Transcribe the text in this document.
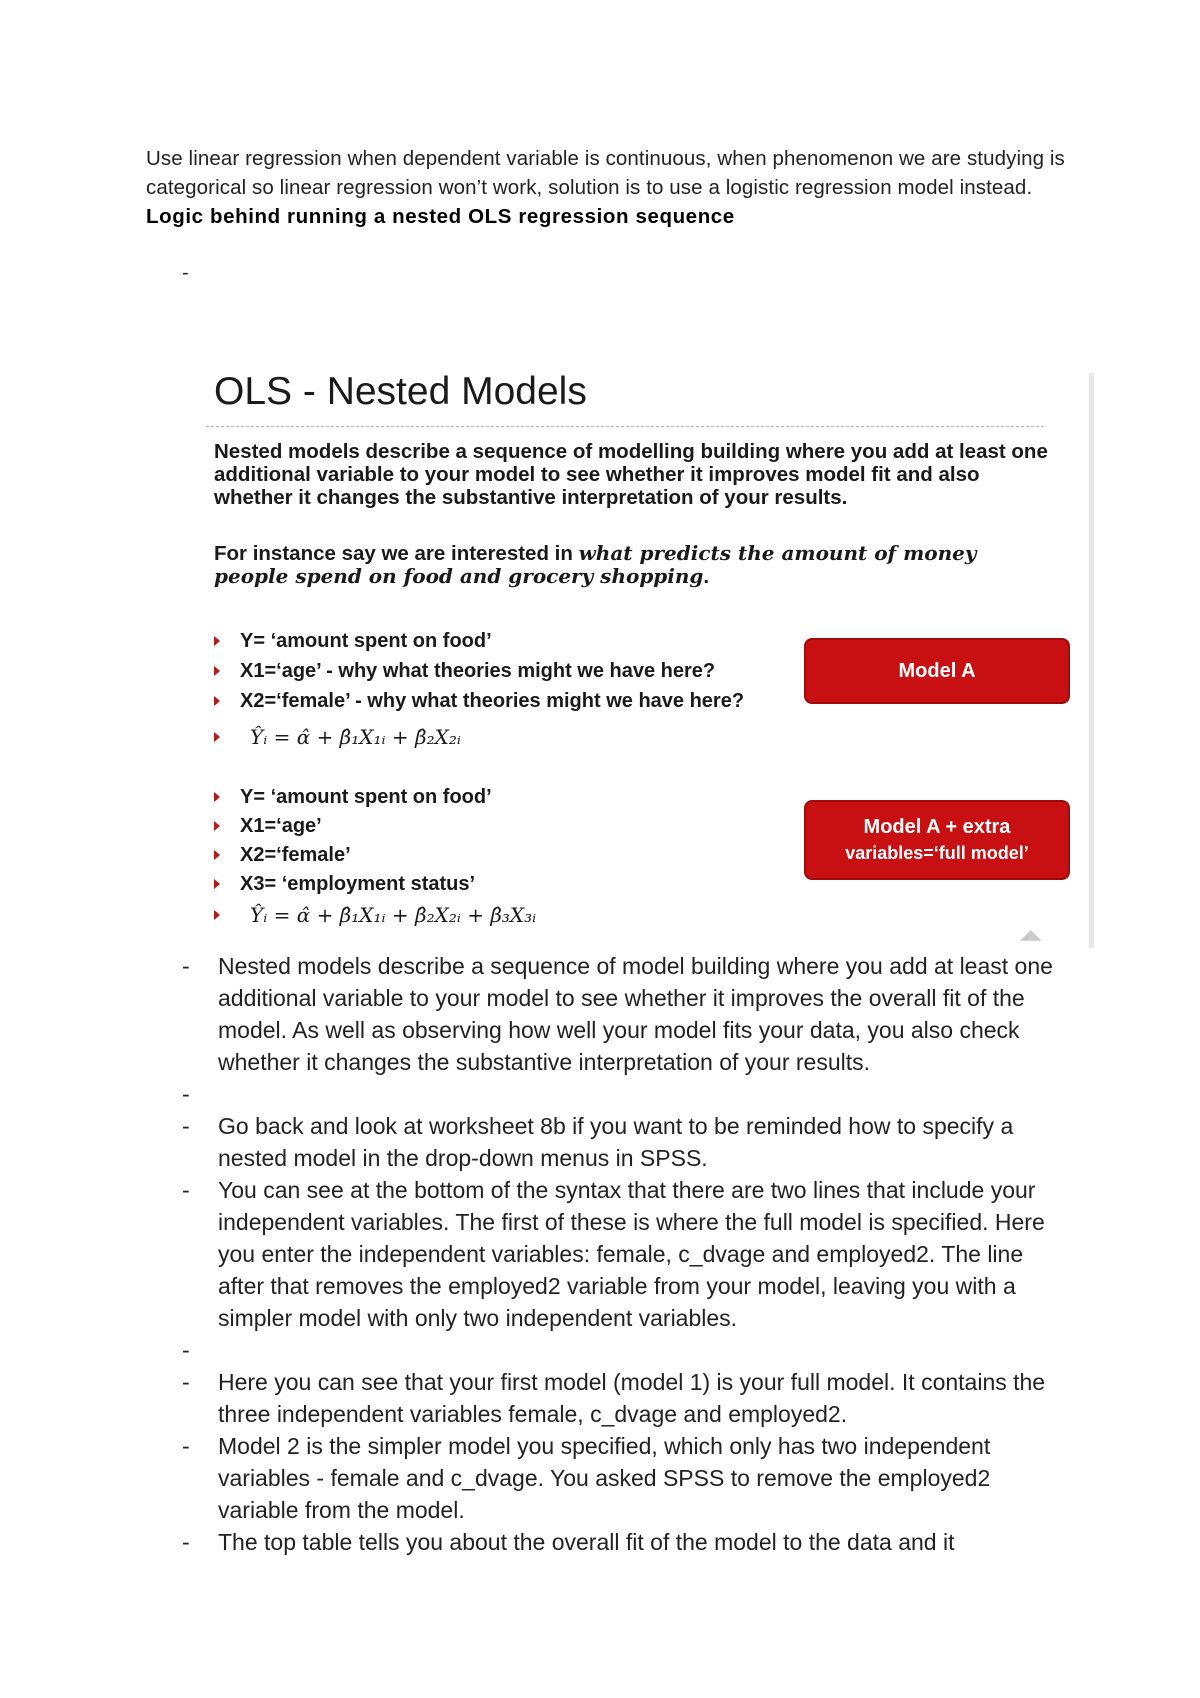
Use linear regression when dependent variable is continuous, when phenomenon we are studying is categorical so linear regression won’t work, solution is to use a logistic regression model instead.

Logic behind running a nested OLS regression sequence

-
OLS - Nested Models
Nested models describe a sequence of modelling building where you add at least one additional variable to your model to see whether it improves model fit and also whether it changes the substantive interpretation of your results.
For instance say we are interested in what predicts the amount of money people spend on food and grocery shopping.
Y= ‘amount spent on food’
X1=‘age’ - why what theories might we have here?
X2=‘female’ - why what theories might we have here?
Ŷᵢ = α̂ + β̂₁X₁ᵢ + β̂₂X₂ᵢ
Y= ‘amount spent on food’
X1=‘age’
X2=‘female’
X3= ‘employment status’
Ŷᵢ = α̂ + β̂₁X₁ᵢ + β̂₂X₂ᵢ + β̂₃X₃ᵢ
Model A
Model A + extra
variables=‘full model’
◢◣
- Nested models describe a sequence of model building where you add at least one additional variable to your model to see whether it improves the overall fit of the model. As well as observing how well your model fits your data, you also check whether it changes the substantive interpretation of your results.
-
- Go back and look at worksheet 8b if you want to be reminded how to specify a nested model in the drop-down menus in SPSS.
- You can see at the bottom of the syntax that there are two lines that include your independent variables. The first of these is where the full model is specified. Here you enter the independent variables: female, c_dvage and employed2. The line after that removes the employed2 variable from your model, leaving you with a simpler model with only two independent variables.
-
- Here you can see that your first model (model 1) is your full model. It contains the three independent variables female, c_dvage and employed2.
- Model 2 is the simpler model you specified, which only has two independent variables - female and c_dvage. You asked SPSS to remove the employed2 variable from the model.
- The top table tells you about the overall fit of the model to the data and it
